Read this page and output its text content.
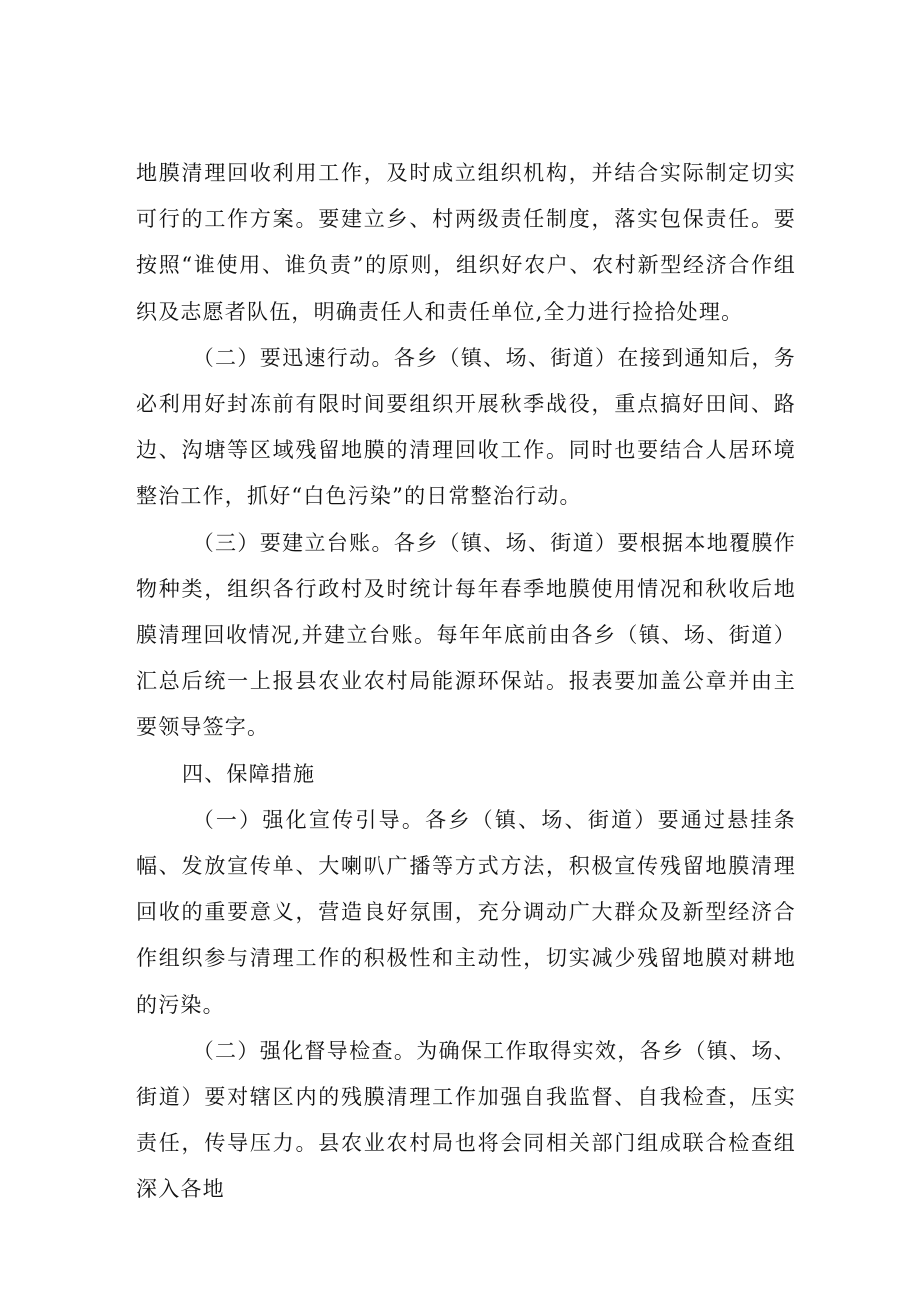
地膜清理回收利用工作，及时成立组织机构，并结合实际制定切实可行的工作方案。要建立乡、村两级责任制度，落实包保责任。要按照“谁使用、谁负责”的原则，组织好农户、农村新型经济合作组织及志愿者队伍，明确责任人和责任单位,全力进行捡拾处理。

（二）要迅速行动。各乡（镇、场、街道）在接到通知后，务必利用好封冻前有限时间要组织开展秋季战役，重点搞好田间、路边、沟塘等区域残留地膜的清理回收工作。同时也要结合人居环境整治工作，抓好“白色污染”的日常整治行动。

（三）要建立台账。各乡（镇、场、街道）要根据本地覆膜作物种类，组织各行政村及时统计每年春季地膜使用情况和秋收后地膜清理回收情况,并建立台账。每年年底前由各乡（镇、场、街道）汇总后统一上报县农业农村局能源环保站。报表要加盖公章并由主要领导签字。

四、保障措施

（一）强化宣传引导。各乡（镇、场、街道）要通过悬挂条幅、发放宣传单、大喇叭广播等方式方法，积极宣传残留地膜清理回收的重要意义，营造良好氛围，充分调动广大群众及新型经济合作组织参与清理工作的积极性和主动性，切实减少残留地膜对耕地的污染。

（二）强化督导检查。为确保工作取得实效，各乡（镇、场、街道）要对辖区内的残膜清理工作加强自我监督、自我检查，压实责任，传导压力。县农业农村局也将会同相关部门组成联合检查组深入各地
